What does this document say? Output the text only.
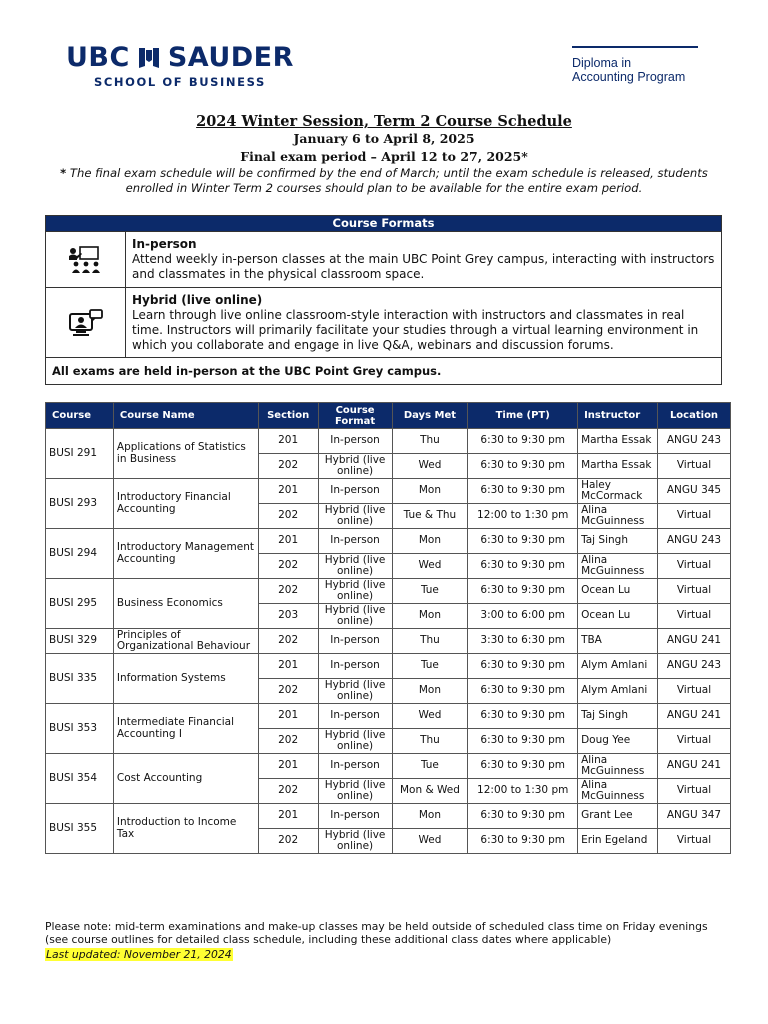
UBC SAUDER
SCHOOL OF BUSINESS
Diploma in
Accounting Program
2024 Winter Session, Term 2 Course Schedule
January 6 to April 8, 2025
Final exam period – April 12 to 27, 2025*
* The final exam schedule will be confirmed by the end of March; until the exam schedule is released, students enrolled in Winter Term 2 courses should plan to be available for the entire exam period.
Course Formats
In-person
Attend weekly in-person classes at the main UBC Point Grey campus, interacting with instructors and classmates in the physical classroom space.
Hybrid (live online)
Learn through live online classroom-style interaction with instructors and classmates in real time. Instructors will primarily facilitate your studies through a virtual learning environment in which you collaborate and engage in live Q&A, webinars and discussion forums.
All exams are held in-person at the UBC Point Grey campus.
Course	Course Name	Section	Course Format	Days Met	Time (PT)	Instructor	Location
BUSI 291	Applications of Statistics in Business	201	In-person	Thu	6:30 to 9:30 pm	Martha Essak	ANGU 243
		202	Hybrid (live online)	Wed	6:30 to 9:30 pm	Martha Essak	Virtual
BUSI 293	Introductory Financial Accounting	201	In-person	Mon	6:30 to 9:30 pm	Haley McCormack	ANGU 345
		202	Hybrid (live online)	Tue & Thu	12:00 to 1:30 pm	Alina McGuinness	Virtual
BUSI 294	Introductory Management Accounting	201	In-person	Mon	6:30 to 9:30 pm	Taj Singh	ANGU 243
		202	Hybrid (live online)	Wed	6:30 to 9:30 pm	Alina McGuinness	Virtual
BUSI 295	Business Economics	202	Hybrid (live online)	Tue	6:30 to 9:30 pm	Ocean Lu	Virtual
		203	Hybrid (live online)	Mon	3:00 to 6:00 pm	Ocean Lu	Virtual
BUSI 329	Principles of Organizational Behaviour	202	In-person	Thu	3:30 to 6:30 pm	TBA	ANGU 241
BUSI 335	Information Systems	201	In-person	Tue	6:30 to 9:30 pm	Alym Amlani	ANGU 243
		202	Hybrid (live online)	Mon	6:30 to 9:30 pm	Alym Amlani	Virtual
BUSI 353	Intermediate Financial Accounting I	201	In-person	Wed	6:30 to 9:30 pm	Taj Singh	ANGU 241
		202	Hybrid (live online)	Thu	6:30 to 9:30 pm	Doug Yee	Virtual
BUSI 354	Cost Accounting	201	In-person	Tue	6:30 to 9:30 pm	Alina McGuinness	ANGU 241
		202	Hybrid (live online)	Mon & Wed	12:00 to 1:30 pm	Alina McGuinness	Virtual
BUSI 355	Introduction to Income Tax	201	In-person	Mon	6:30 to 9:30 pm	Grant Lee	ANGU 347
		202	Hybrid (live online)	Wed	6:30 to 9:30 pm	Erin Egeland	Virtual
Please note: mid-term examinations and make-up classes may be held outside of scheduled class time on Friday evenings (see course outlines for detailed class schedule, including these additional class dates where applicable)
Last updated: November 21, 2024
